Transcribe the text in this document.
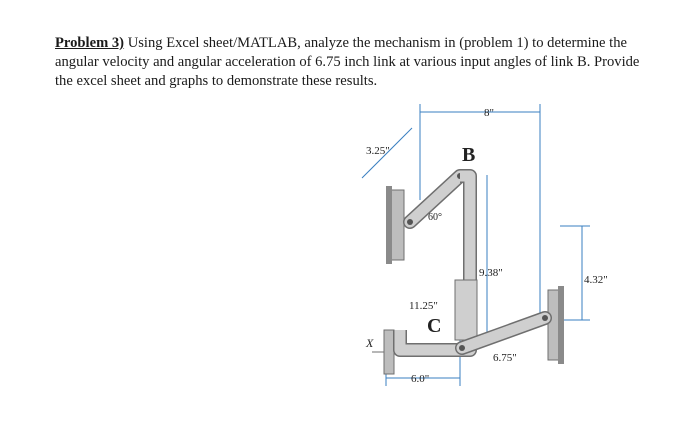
Problem 3) Using Excel sheet/MATLAB, analyze the mechanism in (problem 1) to determine the angular velocity and angular acceleration of 6.75 inch link at various input angles of link B. Provide the excel sheet and graphs to demonstrate these results.
8"
3.25"
60°
B
9.38"
4.32"
11.25"
C
X
6.75"
6.0"
